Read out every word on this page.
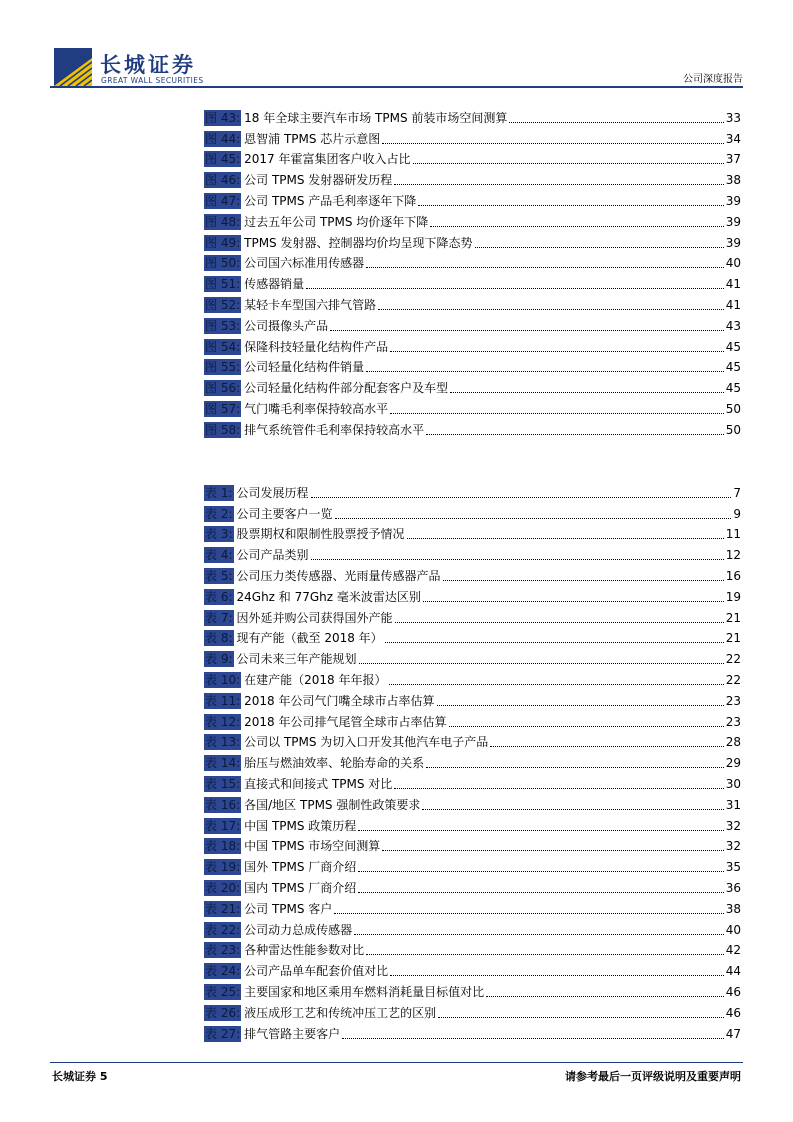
长城证券
GREAT WALL SECURITIES	公司深度报告
图 43: 18 年全球主要汽车市场 TPMS 前装市场空间测算	33
图 44: 恩智浦 TPMS 芯片示意图	34
图 45: 2017 年霍富集团客户收入占比	37
图 46: 公司 TPMS 发射器研发历程	38
图 47: 公司 TPMS 产品毛利率逐年下降	39
图 48: 过去五年公司 TPMS 均价逐年下降	39
图 49: TPMS 发射器、控制器均价均呈现下降态势	39
图 50: 公司国六标准用传感器	40
图 51: 传感器销量	41
图 52: 某轻卡车型国六排气管路	41
图 53: 公司摄像头产品	43
图 54: 保隆科技轻量化结构件产品	45
图 55: 公司轻量化结构件销量	45
图 56: 公司轻量化结构件部分配套客户及车型	45
图 57: 气门嘴毛利率保持较高水平	50
图 58: 排气系统管件毛利率保持较高水平	50
表 1: 公司发展历程	7
表 2: 公司主要客户一览	9
表 3: 股票期权和限制性股票授予情况	11
表 4: 公司产品类别	12
表 5: 公司压力类传感器、光雨量传感器产品	16
表 6: 24Ghz 和 77Ghz 毫米波雷达区别	19
表 7: 因外延并购公司获得国外产能	21
表 8: 现有产能（截至 2018 年）	21
表 9: 公司未来三年产能规划	22
表 10: 在建产能（2018 年年报）	22
表 11: 2018 年公司气门嘴全球市占率估算	23
表 12: 2018 年公司排气尾管全球市占率估算	23
表 13: 公司以 TPMS 为切入口开发其他汽车电子产品	28
表 14: 胎压与燃油效率、轮胎寿命的关系	29
表 15: 直接式和间接式 TPMS 对比	30
表 16: 各国/地区 TPMS 强制性政策要求	31
表 17: 中国 TPMS 政策历程	32
表 18: 中国 TPMS 市场空间测算	32
表 19: 国外 TPMS 厂商介绍	35
表 20: 国内 TPMS 厂商介绍	36
表 21: 公司 TPMS 客户	38
表 22: 公司动力总成传感器	40
表 23: 各种雷达性能参数对比	42
表 24: 公司产品单车配套价值对比	44
表 25: 主要国家和地区乘用车燃料消耗量目标值对比	46
表 26: 液压成形工艺和传统冲压工艺的区别	46
表 27: 排气管路主要客户	47
长城证券 5	请参考最后一页评级说明及重要声明
